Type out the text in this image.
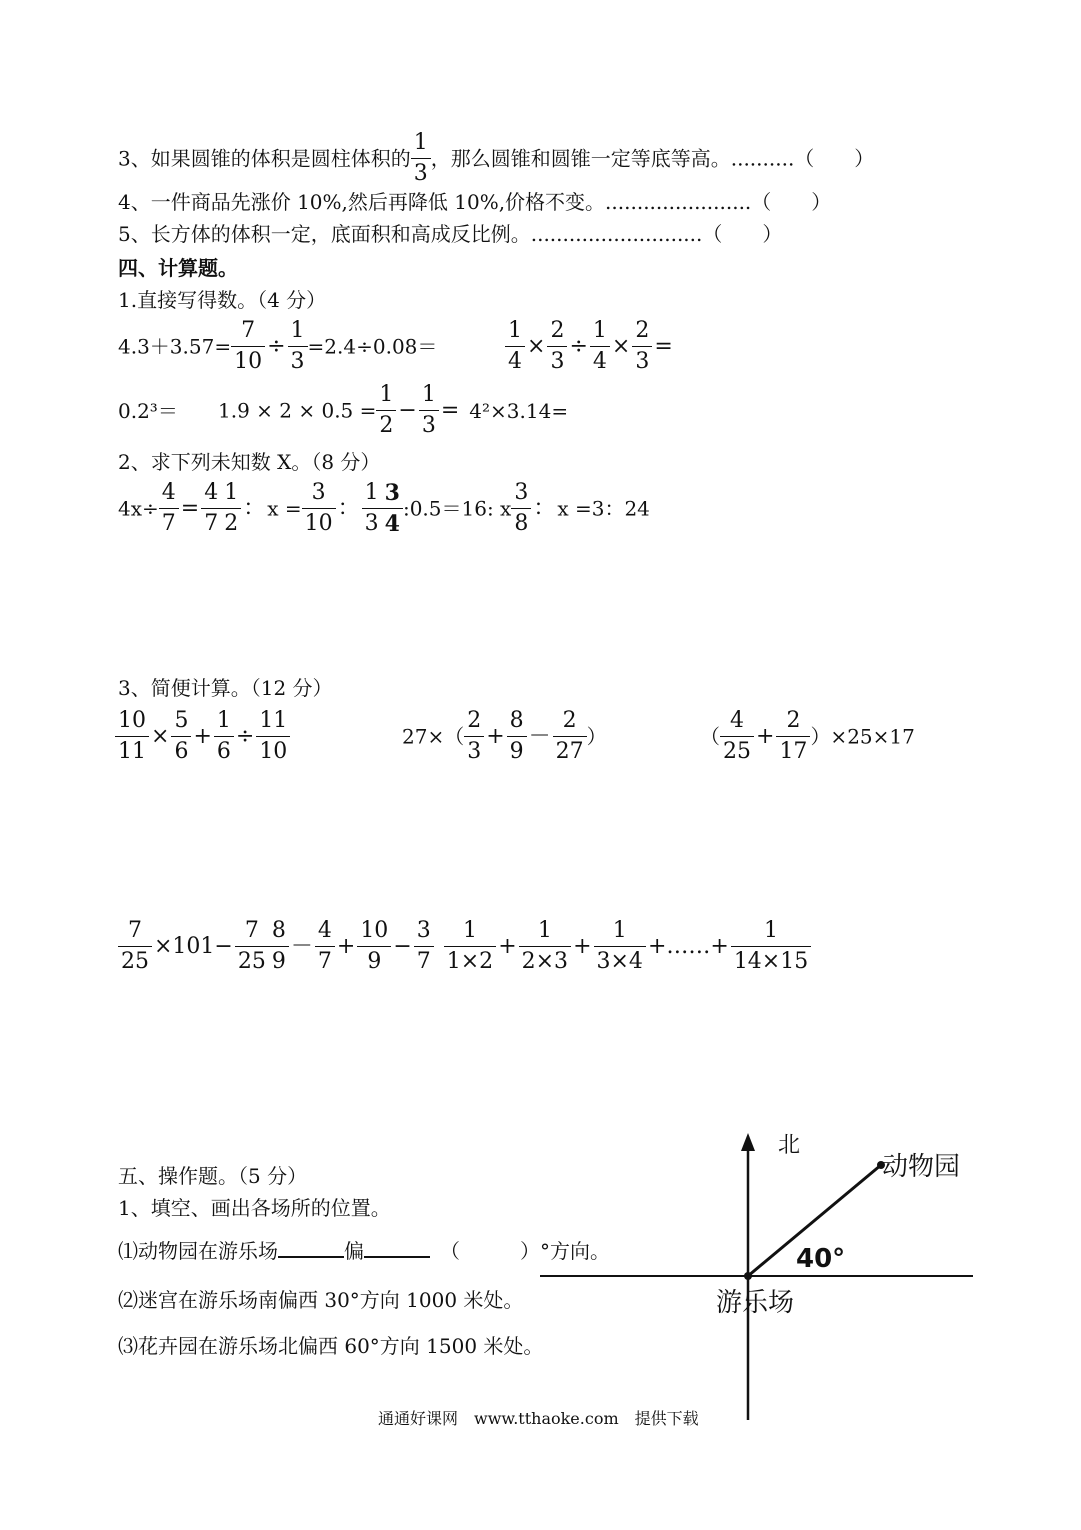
3、如果圆锥的体积是圆柱体积的 $\frac{1}{3}$ ，那么圆锥和圆锥一定等底等高。..........（　　）
4、一件商品先涨价 10%,然后再降低 10%,价格不变。.......................（　　）
5、长方体的体积一定，底面积和高成反比例。...........................（　　）
四、计算题。
1.直接写得数。（4 分）
$4.3+3.57= \frac{7}{10} \div \frac{1}{3} =2.4\div 0.08=$	$\frac{1}{4} \times \frac{2}{3} \div \frac{1}{4} \times \frac{2}{3}$ =
$0.2^3= 1.9 \times 2 \times 0.5 = \frac{1}{2} - \frac{1}{3} = 4^2\times 3.14=$
2、求下列未知数 X。（8 分）
$4x\div \frac{4}{7} = \frac{4}{7} \frac{1}{2}$ ： $x = \frac{3}{10}$ ： $\frac{1}{3} \frac{3}{4}$ :0.5＝16: x $\frac{3}{8}$ ： x =3：24
3、简便计算。（12 分）
$\frac{10}{11} \times \frac{5}{6} + \frac{1}{6} \div \frac{11}{10}$	$27\times( \frac{2}{3} + \frac{8}{9} - \frac{2}{27}$ ）	（ $\frac{4}{25} + \frac{2}{17} )\times 25\times 17$
$\frac{7}{25} \times 101- \frac{7}{25} \frac{8}{9} - \frac{4}{7} + \frac{10}{9} - \frac{3}{7} \frac{1}{1\times 2} + \frac{1}{2\times 3} + \frac{1}{3\times 4}$ +……+ $\frac{1}{14\times 15}$
五、操作题。（5 分）
1、填空、画出各场所的位置。
⑴动物园在游乐场	偏	（　　　）°方向。
⑵迷宫在游乐场南偏西 30°方向 1000 米处。
⑶花卉园在游乐场北偏西 60°方向 1500 米处。
北
动物园
40°
游乐场
通通好课网　www.tthaoke.com　提供下载
